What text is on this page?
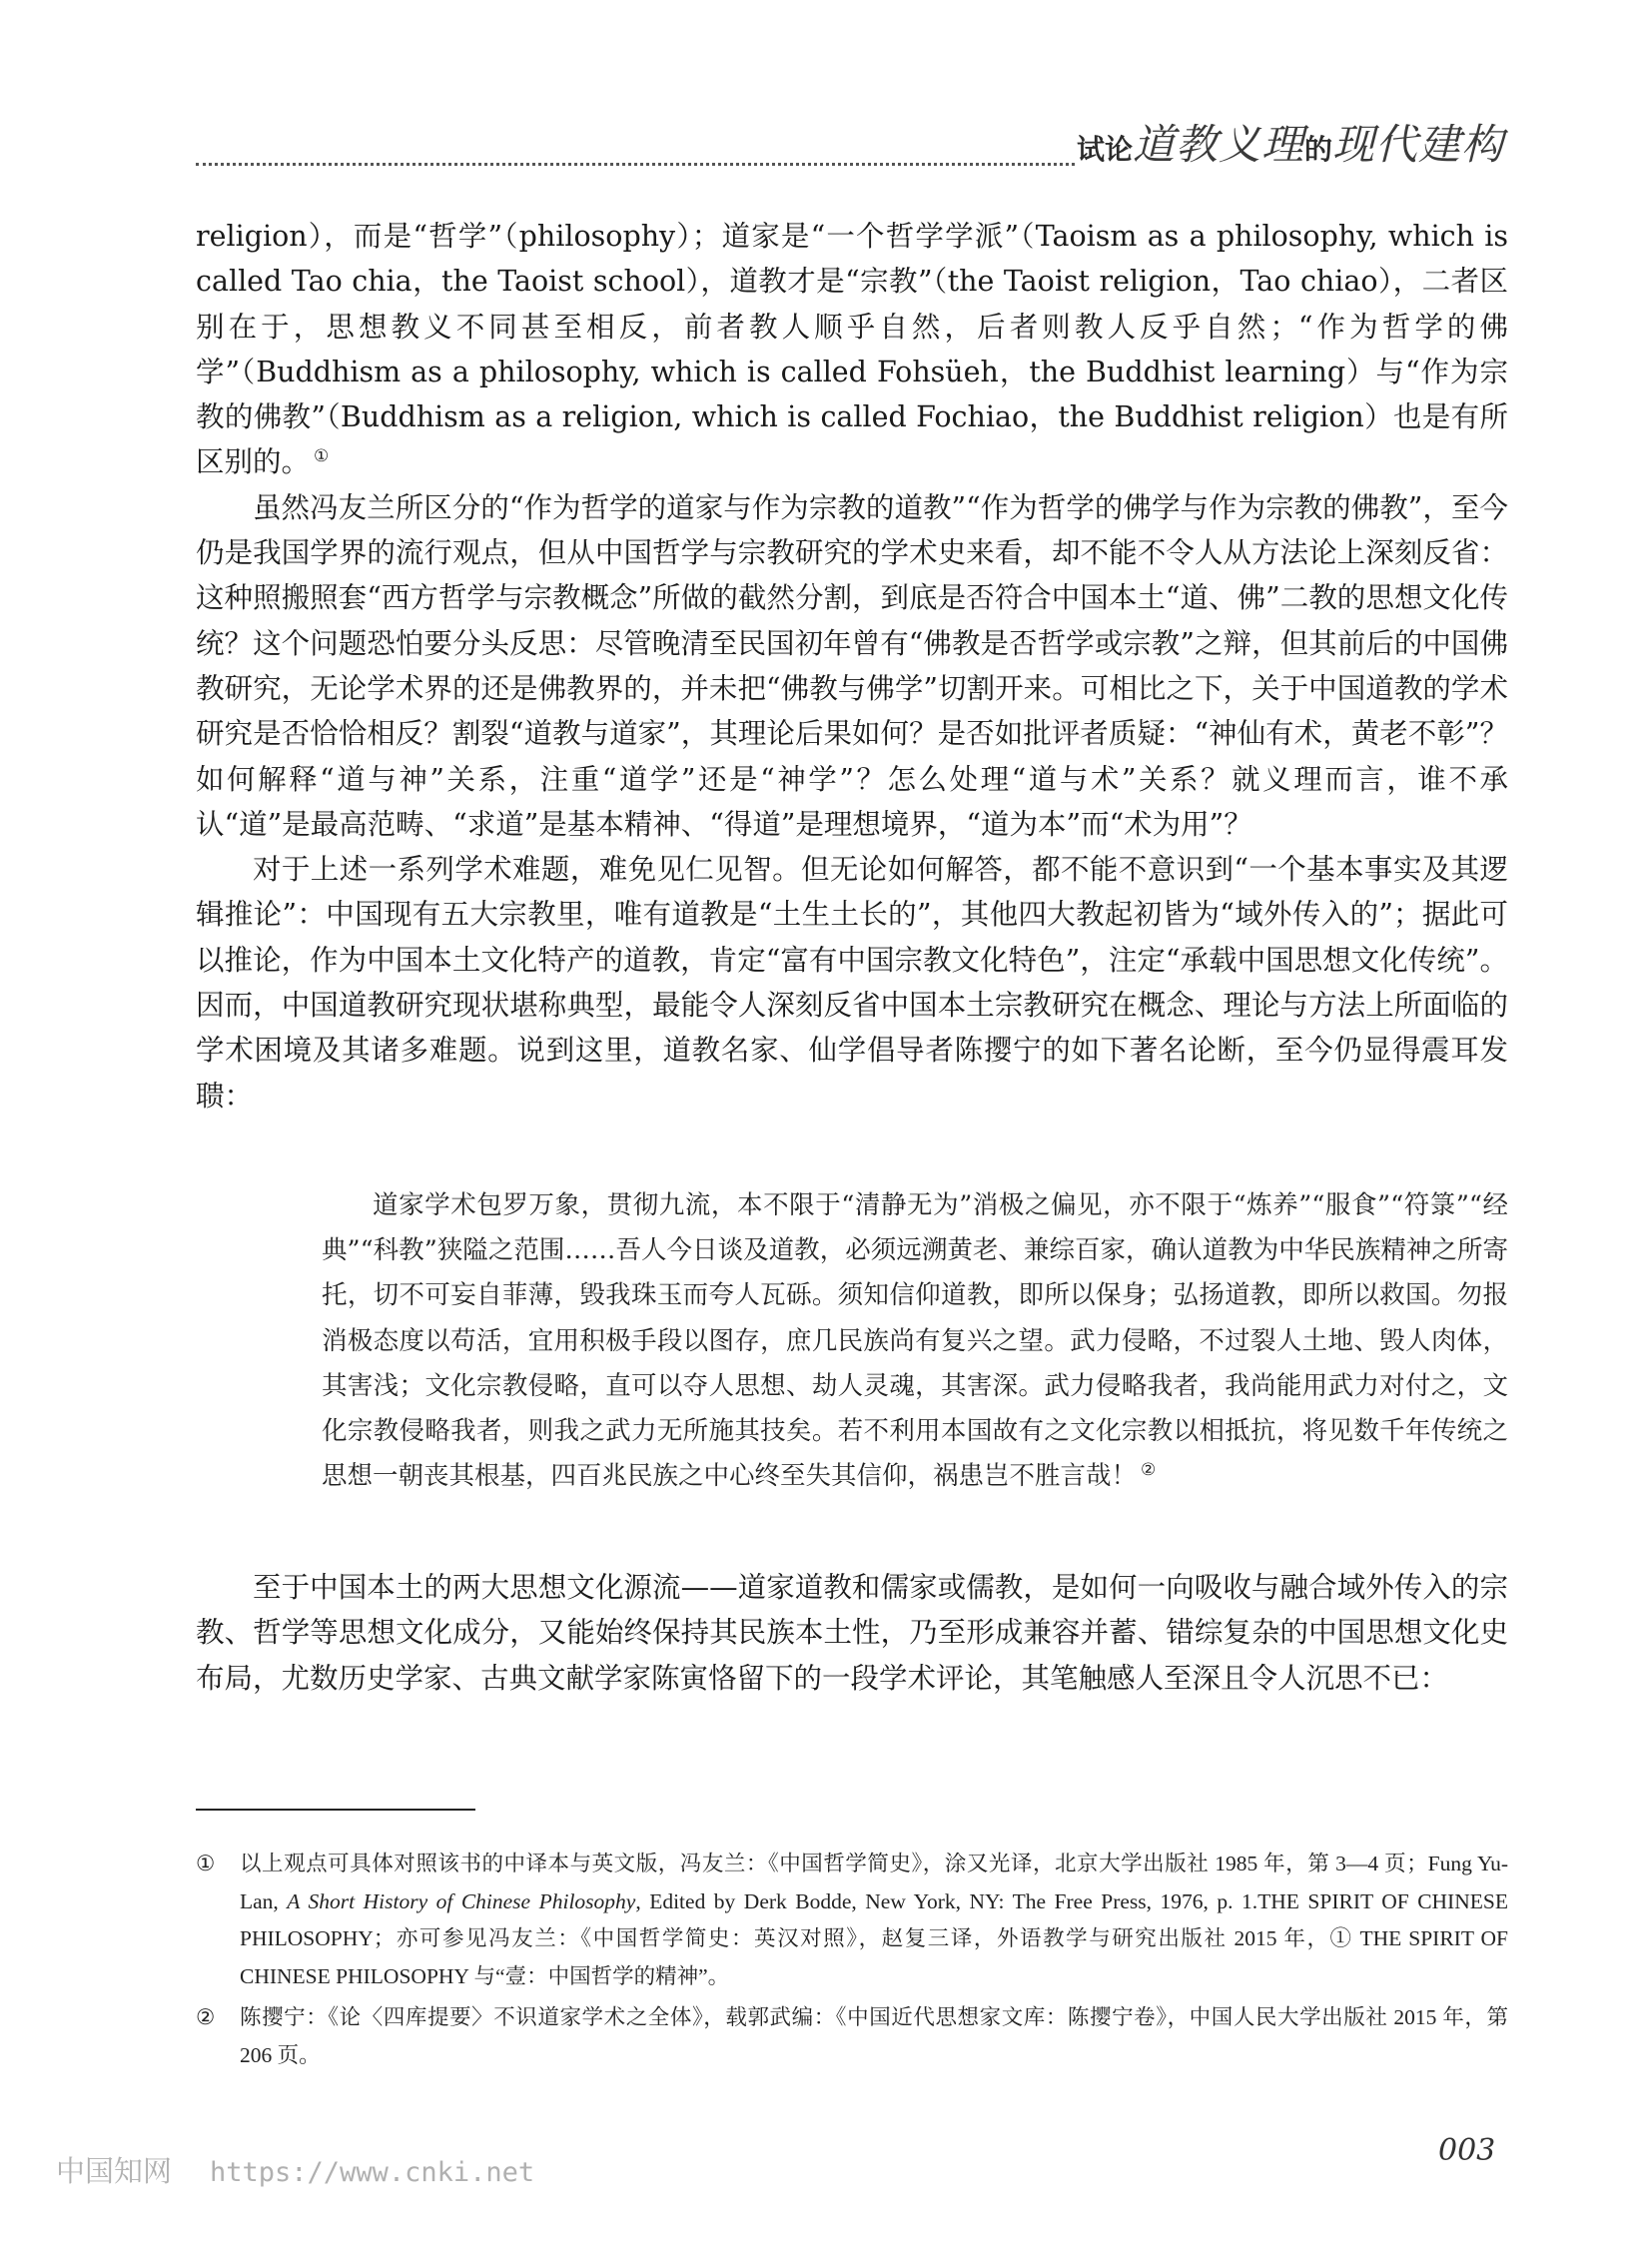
试论道教义理的现代建构

religion），而是“哲学”（philosophy）；道家是“一个哲学学派”（Taoism as a philosophy, which is called Tao chia，the Taoist school），道教才是“宗教”（the Taoist religion，Tao chiao），二者区别在于，思想教义不同甚至相反，前者教人顺乎自然，后者则教人反乎自然；“作为哲学的佛学”（Buddhism as a philosophy, which is called Fohsüeh，the Buddhist learning）与“作为宗教的佛教”（Buddhism as a religion, which is called Fochiao，the Buddhist religion）也是有所区别的。 ①

虽然冯友兰所区分的“作为哲学的道家与作为宗教的道教”“作为哲学的佛学与作为宗教的佛教”，至今仍是我国学界的流行观点，但从中国哲学与宗教研究的学术史来看，却不能不令人从方法论上深刻反省：这种照搬照套“西方哲学与宗教概念”所做的截然分割，到底是否符合中国本土“道、佛”二教的思想文化传统？这个问题恐怕要分头反思：尽管晚清至民国初年曾有“佛教是否哲学或宗教”之辩，但其前后的中国佛教研究，无论学术界的还是佛教界的，并未把“佛教与佛学”切割开来。可相比之下，关于中国道教的学术研究是否恰恰相反？割裂“道教与道家”，其理论后果如何？是否如批评者质疑：“神仙有术，黄老不彰”？如何解释“道与神”关系，注重“道学”还是“神学”？怎么处理“道与术”关系？就义理而言，谁不承认“道”是最高范畴、“求道”是基本精神、“得道”是理想境界，“道为本”而“术为用”？

对于上述一系列学术难题，难免见仁见智。但无论如何解答，都不能不意识到“一个基本事实及其逻辑推论”：中国现有五大宗教里，唯有道教是“土生土长的”，其他四大教起初皆为“域外传入的”；据此可以推论，作为中国本土文化特产的道教，肯定“富有中国宗教文化特色”，注定“承载中国思想文化传统”。因而，中国道教研究现状堪称典型，最能令人深刻反省中国本土宗教研究在概念、理论与方法上所面临的学术困境及其诸多难题。说到这里，道教名家、仙学倡导者陈撄宁的如下著名论断，至今仍显得震耳发聩：

道家学术包罗万象，贯彻九流，本不限于“清静无为”消极之偏见，亦不限于“炼养”“服食”“符箓”“经典”“科教”狭隘之范围……吾人今日谈及道教，必须远溯黄老、兼综百家，确认道教为中华民族精神之所寄托，切不可妄自菲薄，毁我珠玉而夸人瓦砾。须知信仰道教，即所以保身；弘扬道教，即所以救国。勿报消极态度以苟活，宜用积极手段以图存，庶几民族尚有复兴之望。武力侵略，不过裂人土地、毁人肉体，其害浅；文化宗教侵略，直可以夺人思想、劫人灵魂，其害深。武力侵略我者，我尚能用武力对付之，文化宗教侵略我者，则我之武力无所施其技矣。若不利用本国故有之文化宗教以相抵抗，将见数千年传统之思想一朝丧其根基，四百兆民族之中心终至失其信仰，祸患岂不胜言哉！ ②

至于中国本土的两大思想文化源流——道家道教和儒家或儒教，是如何一向吸收与融合域外传入的宗教、哲学等思想文化成分，又能始终保持其民族本土性，乃至形成兼容并蓄、错综复杂的中国思想文化史布局，尤数历史学家、古典文献学家陈寅恪留下的一段学术评论，其笔触感人至深且令人沉思不已：

① 以上观点可具体对照该书的中译本与英文版，冯友兰：《中国哲学简史》，涂又光译，北京大学出版社 1985 年，第 3—4 页；Fung Yu-Lan, A Short History of Chinese Philosophy, Edited by Derk Bodde, New York, NY: The Free Press, 1976, p. 1.THE SPIRIT OF CHINESE PHILOSOPHY；亦可参见冯友兰：《中国哲学简史：英汉对照》，赵复三译，外语教学与研究出版社 2015 年，① THE SPIRIT OF CHINESE PHILOSOPHY 与“壹：中国哲学的精神”。
② 陈撄宁：《论〈四库提要〉不识道家学术之全体》，载郭武编：《中国近代思想家文库：陈撄宁卷》，中国人民大学出版社 2015 年，第 206 页。
003
中国知网 https://www.cnki.net
